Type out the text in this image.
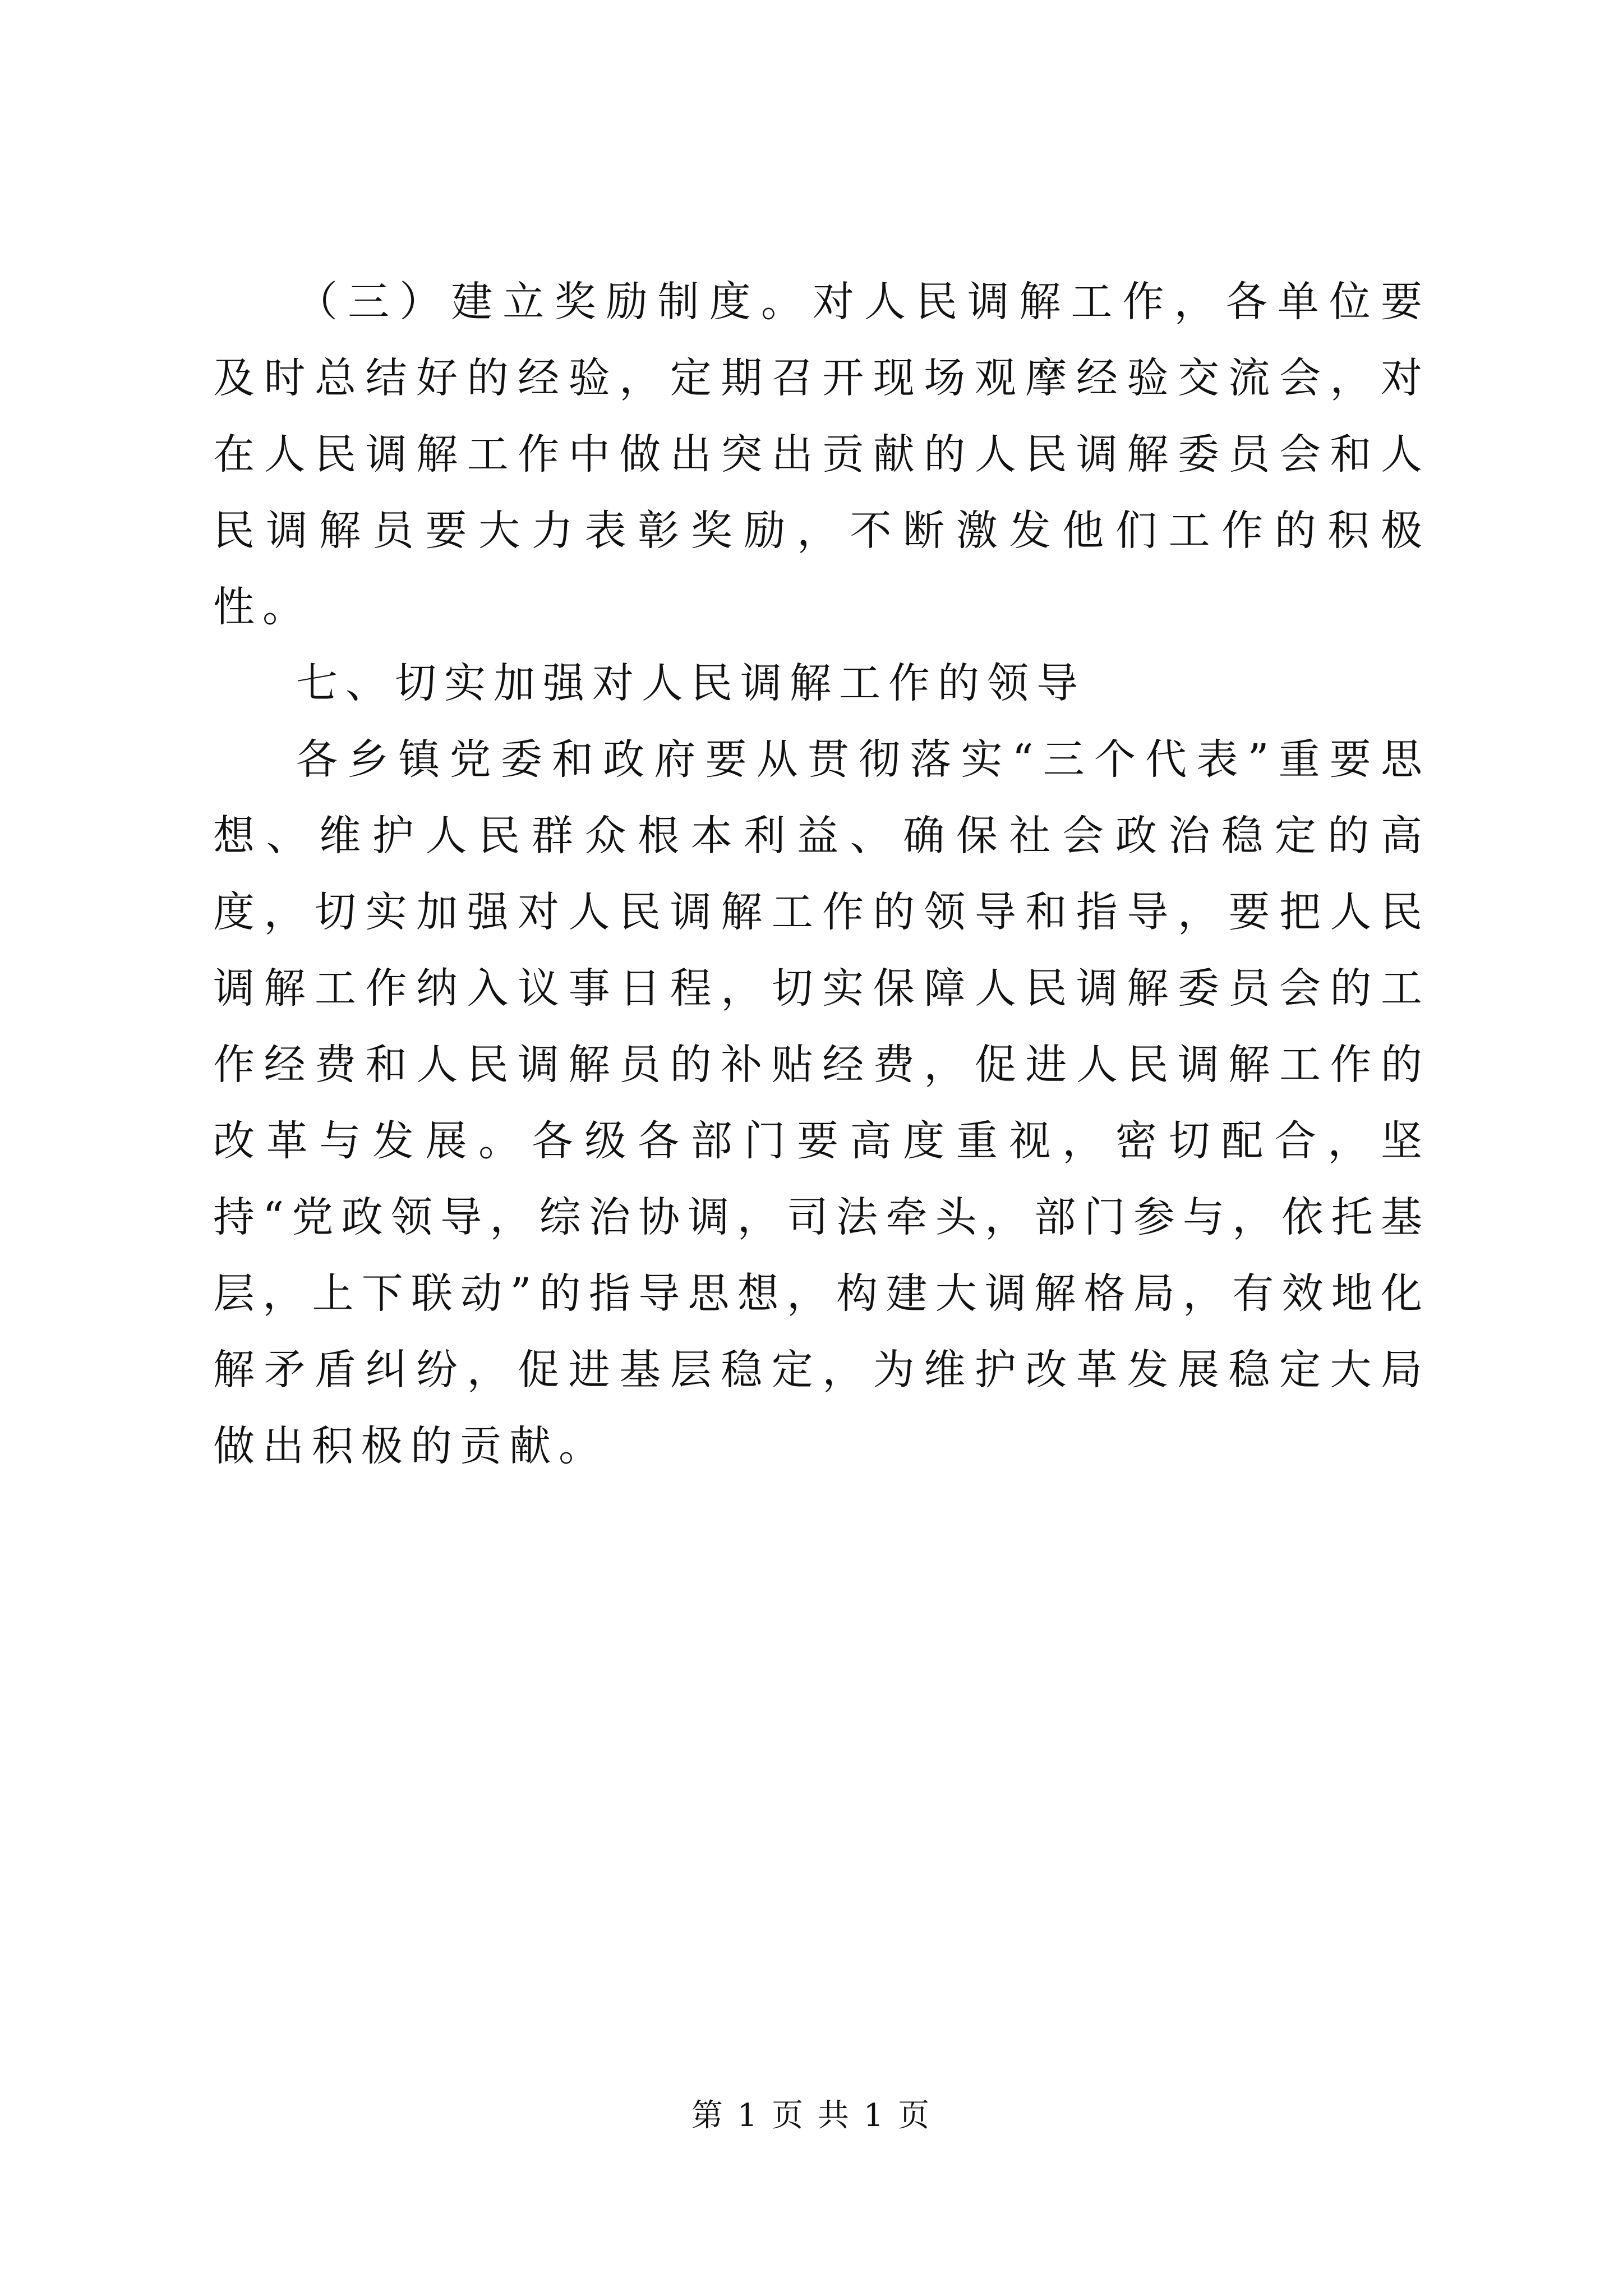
（三）建立奖励制度。对人民调解工作，各单位要及时总结好的经验，定期召开现场观摩经验交流会，对在人民调解工作中做出突出贡献的人民调解委员会和人民调解员要大力表彰奖励，不断激发他们工作的积极性。

七、切实加强对人民调解工作的领导

各乡镇党委和政府要从贯彻落实“三个代表”重要思想、维护人民群众根本利益、确保社会政治稳定的高度，切实加强对人民调解工作的领导和指导，要把人民调解工作纳入议事日程，切实保障人民调解委员会的工作经费和人民调解员的补贴经费，促进人民调解工作的改革与发展。各级各部门要高度重视，密切配合，坚持“党政领导，综治协调，司法牵头，部门参与，依托基层，上下联动”的指导思想，构建大调解格局，有效地化解矛盾纠纷，促进基层稳定，为维护改革发展稳定大局做出积极的贡献。

第 1 页 共 1 页
